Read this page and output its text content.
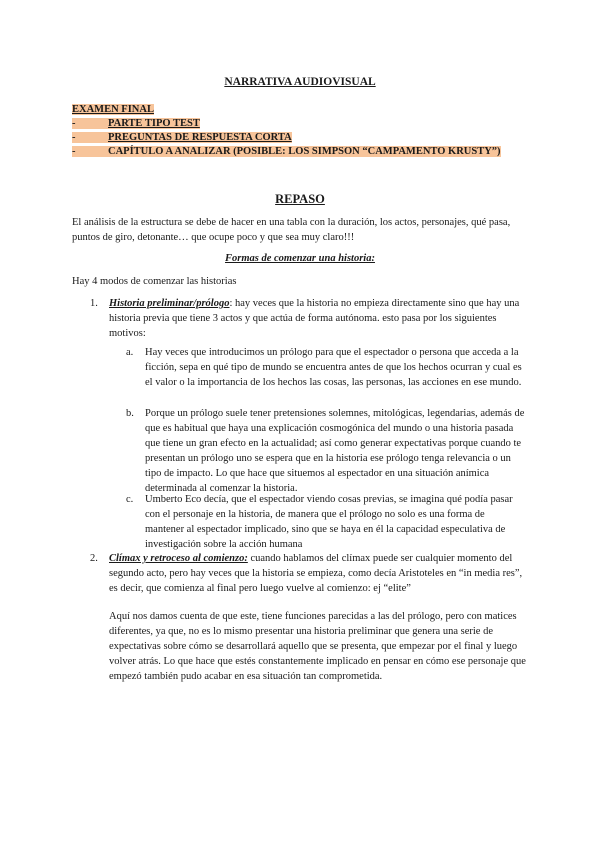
NARRATIVA AUDIOVISUAL
EXAMEN FINAL
-	PARTE TIPO TEST
-	PREGUNTAS DE RESPUESTA CORTA
-	CAPÍTULO A ANALIZAR (POSIBLE: LOS SIMPSON “CAMPAMENTO KRUSTY”)
REPASO

El análisis de la estructura se debe de hacer en una tabla con la duración, los actos, personajes, qué pasa, puntos de giro, detonante… que ocupe poco y que sea muy claro!!!

Formas de comenzar una historia:

Hay 4 modos de comenzar las historias

1. Historia preliminar/prólogo: hay veces que la historia no empieza directamente sino que hay una historia previa que tiene 3 actos y que actúa de forma autónoma. esto pasa por los siguientes motivos:
a. Hay veces que introducimos un prólogo para que el espectador o persona que acceda a la ficción, sepa en qué tipo de mundo se encuentra antes de que los hechos ocurran y cual es el valor o la importancia de los hechos las cosas, las personas, las acciones en ese mundo.
b. Porque un prólogo suele tener pretensiones solemnes, mitológicas, legendarias, además de que es habitual que haya una explicación cosmogónica del mundo o una historia pasada que tiene un gran efecto en la actualidad; así como generar expectativas porque cuando te presentan un prólogo uno se espera que en la historia ese prólogo tenga relevancia o un tipo de impacto. Lo que hace que situemos al espectador en una situación anímica determinada al comenzar la historia.
c. Umberto Eco decía, que el espectador viendo cosas previas, se imagina qué podía pasar con el personaje en la historia, de manera que el prólogo no solo es una forma de mantener al espectador implicado, sino que se haya en él la capacidad especulativa de investigación sobre la acción humana
2. Clímax y retroceso al comienzo: cuando hablamos del clímax puede ser cualquier momento del segundo acto, pero hay veces que la historia se empieza, como decía Aristoteles en “in media res”, es decir, que comienza al final pero luego vuelve al comienzo: ej “elite”

Aquí nos damos cuenta de que este, tiene funciones parecidas a las del prólogo, pero con matices diferentes, ya que, no es lo mismo presentar una historia preliminar que genera una serie de expectativas sobre cómo se desarrollará aquello que se presenta, que empezar por el final y luego volver atrás. Lo que hace que estés constantemente implicado en pensar en cómo ese personaje que empezó también pudo acabar en esa situación tan comprometida.
